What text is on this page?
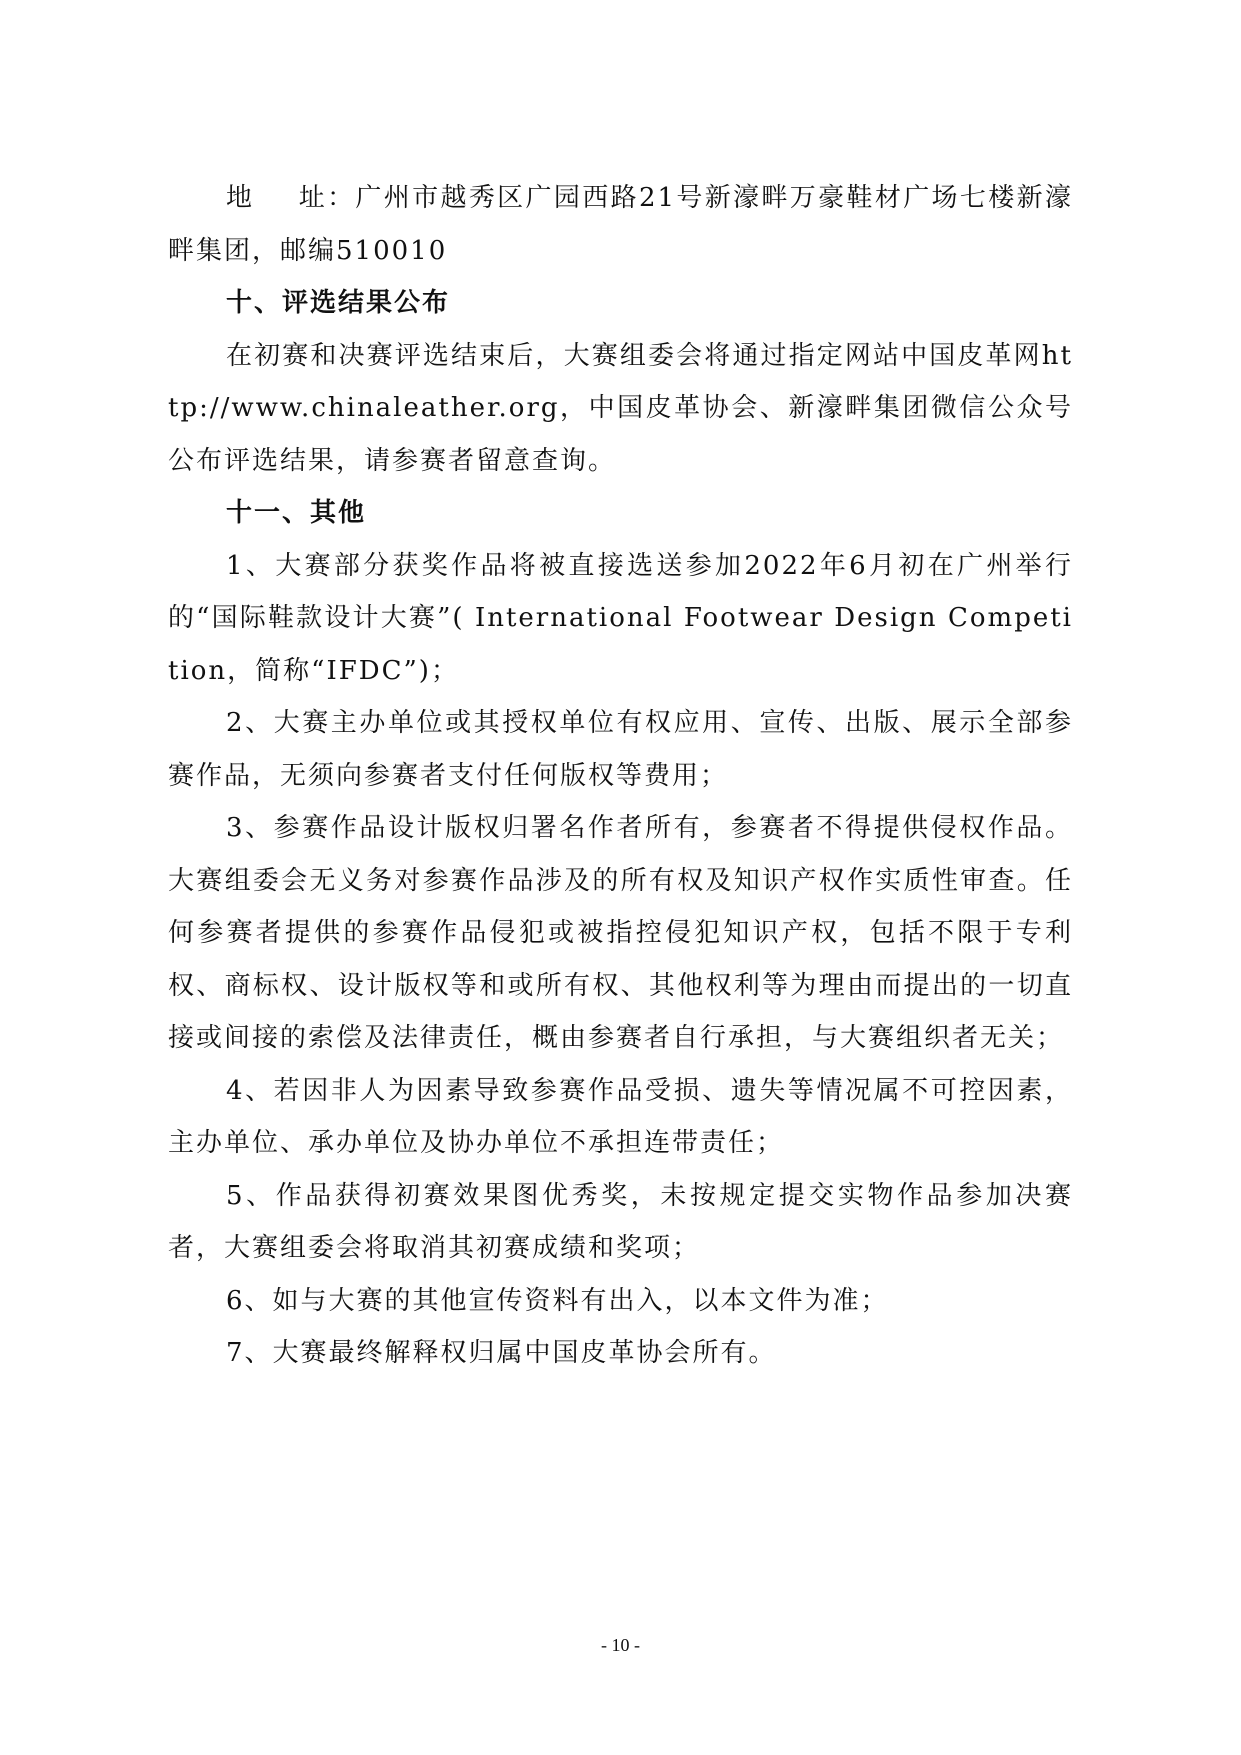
地 址：广州市越秀区广园西路21号新濠畔万豪鞋材广场七楼新濠畔集团，邮编510010

十、评选结果公布

在初赛和决赛评选结束后，大赛组委会将通过指定网站中国皮革网http://www.chinaleather.org，中国皮革协会、新濠畔集团微信公众号公布评选结果，请参赛者留意查询。

十一、其他

1、大赛部分获奖作品将被直接选送参加2022年6月初在广州举行的“国际鞋款设计大赛”( International Footwear Design Competition，简称“IFDC”)；

2、大赛主办单位或其授权单位有权应用、宣传、出版、展示全部参赛作品，无须向参赛者支付任何版权等费用；

3、参赛作品设计版权归署名作者所有，参赛者不得提供侵权作品。大赛组委会无义务对参赛作品涉及的所有权及知识产权作实质性审查。任何参赛者提供的参赛作品侵犯或被指控侵犯知识产权，包括不限于专利权、商标权、设计版权等和或所有权、其他权利等为理由而提出的一切直接或间接的索偿及法律责任，概由参赛者自行承担，与大赛组织者无关；

4、若因非人为因素导致参赛作品受损、遗失等情况属不可控因素，主办单位、承办单位及协办单位不承担连带责任；

5、作品获得初赛效果图优秀奖，未按规定提交实物作品参加决赛者，大赛组委会将取消其初赛成绩和奖项；

6、如与大赛的其他宣传资料有出入，以本文件为准；

7、大赛最终解释权归属中国皮革协会所有。

- 10 -
